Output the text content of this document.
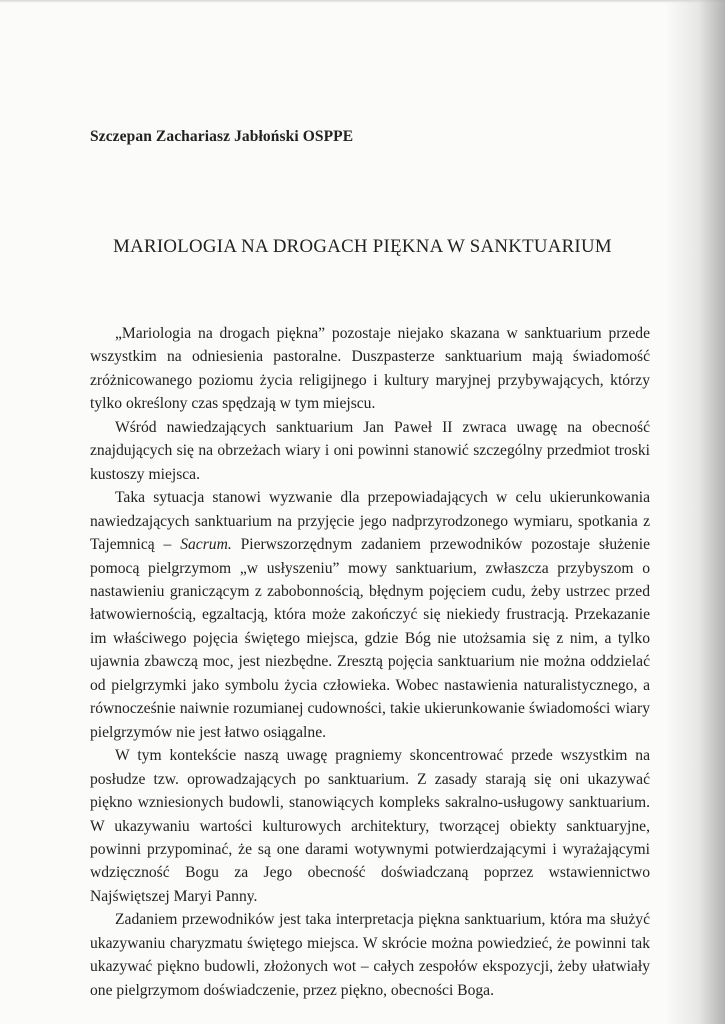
Szczepan Zachariasz Jabłoński OSPPE

MARIOLOGIA NA DROGACH PIĘKNA W SANKTUARIUM

„Mariologia na drogach piękna” pozostaje niejako skazana w sanktuarium przede wszystkim na odniesienia pastoralne. Duszpasterze sanktuarium mają świadomość zróżnicowanego poziomu życia religijnego i kultury maryjnej przybywających, którzy tylko określony czas spędzają w tym miejscu.

Wśród nawiedzających sanktuarium Jan Paweł II zwraca uwagę na obecność znajdujących się na obrzeżach wiary i oni powinni stanowić szczególny przedmiot troski kustoszy miejsca.

Taka sytuacja stanowi wyzwanie dla przepowiadających w celu ukierunkowania nawiedzających sanktuarium na przyjęcie jego nadprzyrodzonego wymiaru, spotkania z Tajemnicą – Sacrum. Pierwszorzędnym zadaniem przewodników pozostaje służenie pomocą pielgrzymom „w usłyszeniu” mowy sanktuarium, zwłaszcza przybyszom o nastawieniu graniczącym z zabobonnością, błędnym pojęciem cudu, żeby ustrzec przed łatwowiernością, egzaltacją, która może zakończyć się niekiedy frustracją. Przekazanie im właściwego pojęcia świętego miejsca, gdzie Bóg nie utożsamia się z nim, a tylko ujawnia zbawczą moc, jest niezbędne. Zresztą pojęcia sanktuarium nie można oddzielać od pielgrzymki jako symbolu życia człowieka. Wobec nastawienia naturalistycznego, a równocześnie naiwnie rozumianej cudowności, takie ukierunkowanie świadomości wiary pielgrzymów nie jest łatwo osiągalne.

W tym kontekście naszą uwagę pragniemy skoncentrować przede wszystkim na posłudze tzw. oprowadzających po sanktuarium. Z zasady starają się oni ukazywać piękno wzniesionych budowli, stanowiących kompleks sakralno-usługowy sanktuarium. W ukazywaniu wartości kulturowych architektury, tworzącej obiekty sanktuaryjne, powinni przypominać, że są one darami wotywnymi potwierdzającymi i wyrażającymi wdzięczność Bogu za Jego obecność doświadczaną poprzez wstawiennictwo Najświętszej Maryi Panny.

Zadaniem przewodników jest taka interpretacja piękna sanktuarium, która ma służyć ukazywaniu charyzmatu świętego miejsca. W skrócie można powiedzieć, że powinni tak ukazywać piękno budowli, złożonych wot – całych zespołów ekspozycji, żeby ułatwiały one pielgrzymom doświadczenie, przez piękno, obecności Boga.
